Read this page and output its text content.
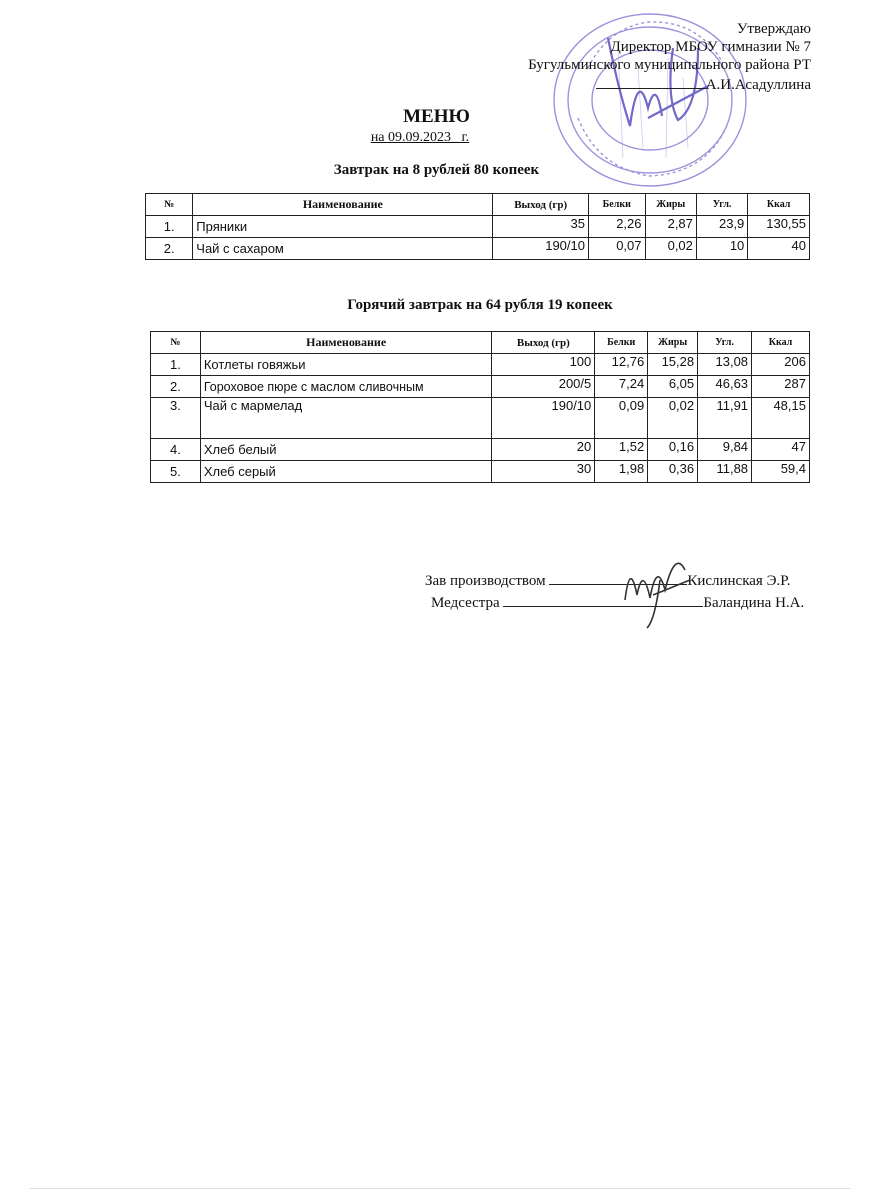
Утверждаю
Директор МБОУ гимназии № 7
Бугульминского муниципального района РТ
А.И.Асадуллина
МЕНЮ
на 09.09.2023_ г.
Завтрак на 8 рублей 80 копеек
№	Наименование	Выход (гр)	Белки	Жиры	Угл.	Ккал
1.	Пряники	35	2,26	2,87	23,9	130,55
2.	Чай с сахаром	190/10	0,07	0,02	10	40
Горячий завтрак на 64 рубля 19 копеек
№	Наименование	Выход (гр)	Белки	Жиры	Угл.	Ккал
1.	Котлеты говяжьи	100	12,76	15,28	13,08	206
2.	Гороховое пюре с маслом сливочным	200/5	7,24	6,05	46,63	287
3.	Чай с мармелад	190/10	0,09	0,02	11,91	48,15
4.	Хлеб белый	20	1,52	0,16	9,84	47
5.	Хлеб серый	30	1,98	0,36	11,88	59,4
Зав производством	Кислинская Э.Р.
Медсестра	Баландина Н.А.
